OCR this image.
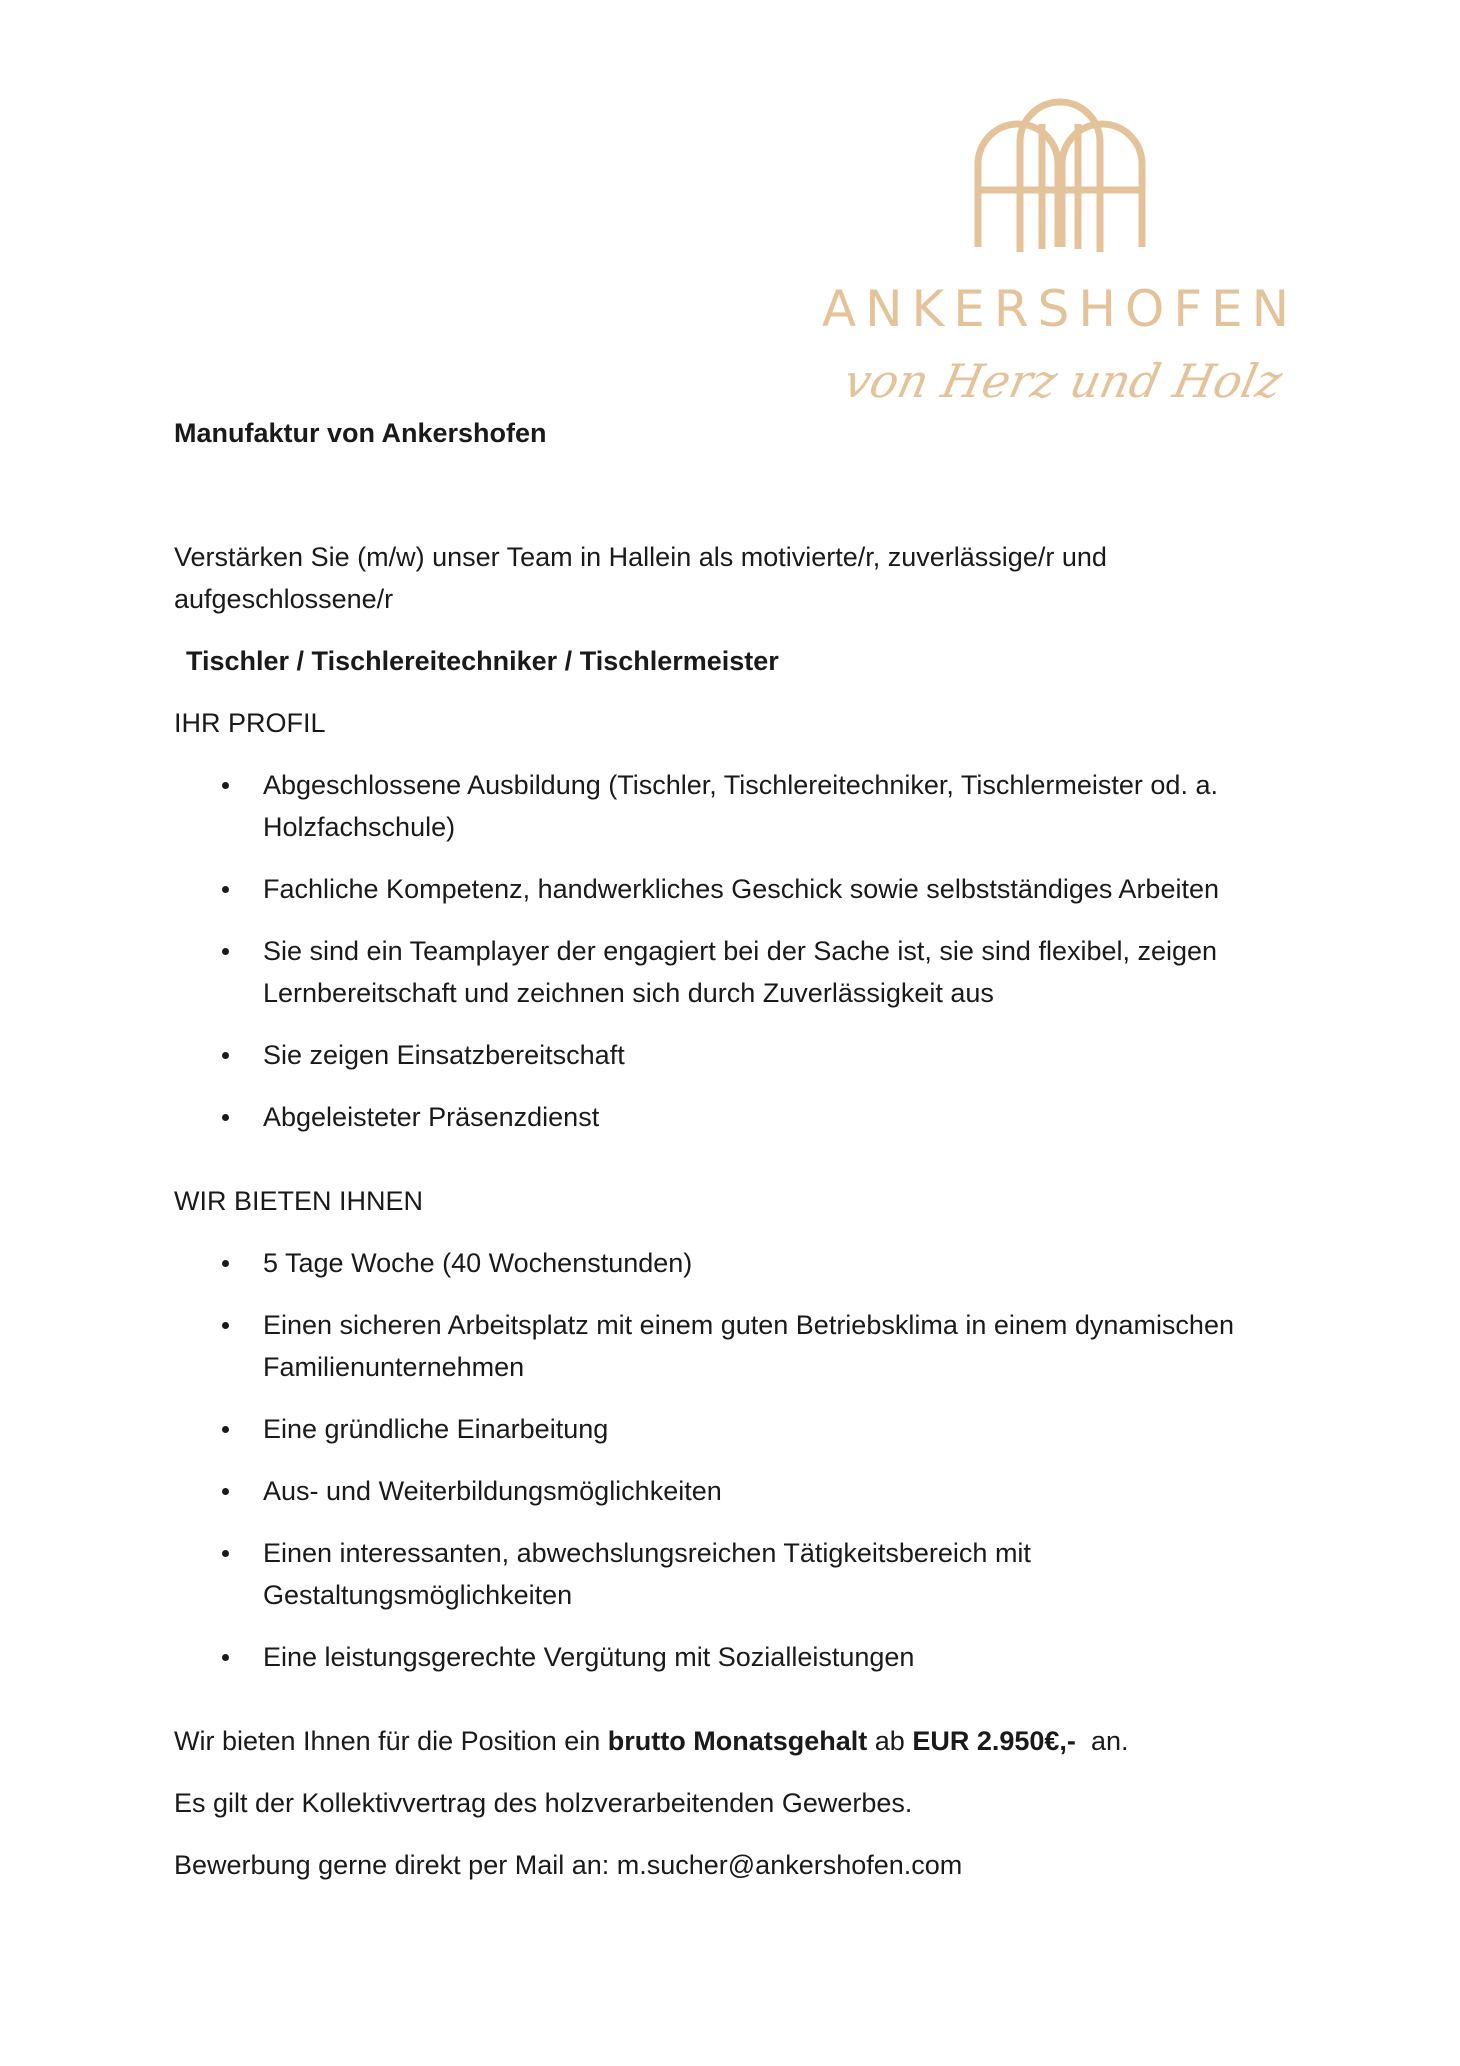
ANKERSHOFEN
von Herz und Holz

Manufaktur von Ankershofen

Verstärken Sie (m/w) unser Team in Hallein als motivierte/r, zuverlässige/r und aufgeschlossene/r

Tischler / Tischlereitechniker / Tischlermeister

IHR PROFIL

Abgeschlossene Ausbildung (Tischler, Tischlereitechniker, Tischlermeister od. a. Holzfachschule)
Fachliche Kompetenz, handwerkliches Geschick sowie selbstständiges Arbeiten
Sie sind ein Teamplayer der engagiert bei der Sache ist, sie sind flexibel, zeigen Lernbereitschaft und zeichnen sich durch Zuverlässigkeit aus
Sie zeigen Einsatzbereitschaft
Abgeleisteter Präsenzdienst

WIR BIETEN IHNEN

5 Tage Woche (40 Wochenstunden)
Einen sicheren Arbeitsplatz mit einem guten Betriebsklima in einem dynamischen Familienunternehmen
Eine gründliche Einarbeitung
Aus- und Weiterbildungsmöglichkeiten
Einen interessanten, abwechslungsreichen Tätigkeitsbereich mit Gestaltungsmöglichkeiten
Eine leistungsgerechte Vergütung mit Sozialleistungen

Wir bieten Ihnen für die Position ein brutto Monatsgehalt ab EUR 2.950€,- an.

Es gilt der Kollektivvertrag des holzverarbeitenden Gewerbes.

Bewerbung gerne direkt per Mail an: m.sucher@ankershofen.com
